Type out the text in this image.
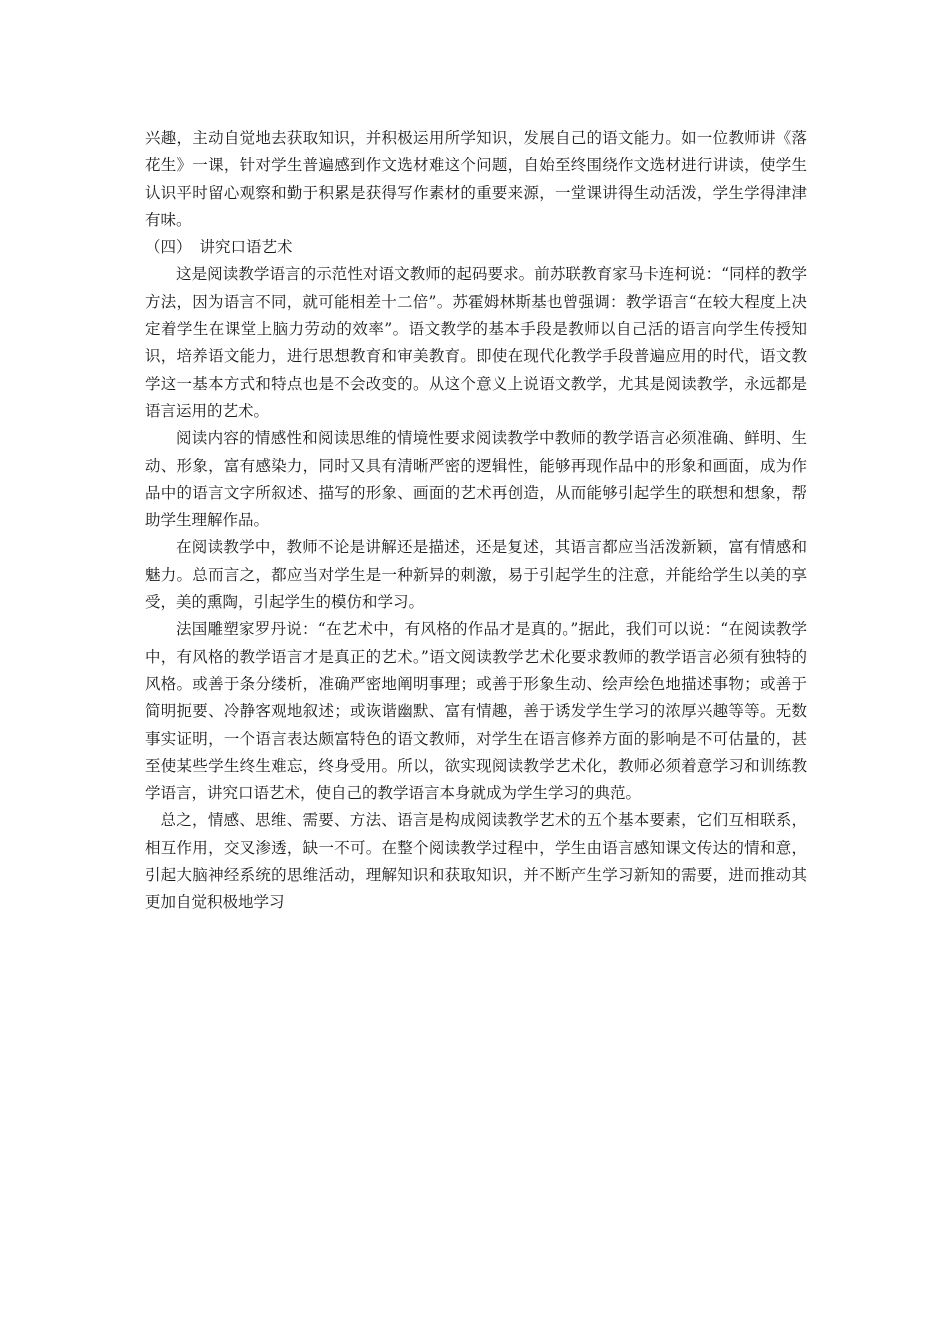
兴趣，主动自觉地去获取知识，并积极运用所学知识，发展自己的语文能力。如一位教师讲《落花生》一课，针对学生普遍感到作文选材难这个问题，自始至终围绕作文选材进行讲读，使学生认识平时留心观察和勤于积累是获得写作素材的重要来源，一堂课讲得生动活泼，学生学得津津有味。

（四） 讲究口语艺术

这是阅读教学语言的示范性对语文教师的起码要求。前苏联教育家马卡连柯说：“同样的教学方法，因为语言不同，就可能相差十二倍”。苏霍姆林斯基也曾强调：教学语言“在较大程度上决定着学生在课堂上脑力劳动的效率”。语文教学的基本手段是教师以自己活的语言向学生传授知识，培养语文能力，进行思想教育和审美教育。即使在现代化教学手段普遍应用的时代，语文教学这一基本方式和特点也是不会改变的。从这个意义上说语文教学，尤其是阅读教学，永远都是语言运用的艺术。

阅读内容的情感性和阅读思维的情境性要求阅读教学中教师的教学语言必须准确、鲜明、生动、形象，富有感染力，同时又具有清晰严密的逻辑性，能够再现作品中的形象和画面，成为作品中的语言文字所叙述、描写的形象、画面的艺术再创造，从而能够引起学生的联想和想象，帮助学生理解作品。

在阅读教学中，教师不论是讲解还是描述，还是复述，其语言都应当活泼新颖，富有情感和魅力。总而言之，都应当对学生是一种新异的刺激，易于引起学生的注意，并能给学生以美的享受，美的熏陶，引起学生的模仿和学习。

法国雕塑家罗丹说：“在艺术中，有风格的作品才是真的。”据此，我们可以说：“在阅读教学中，有风格的教学语言才是真正的艺术。”语文阅读教学艺术化要求教师的教学语言必须有独特的风格。或善于条分缕析，准确严密地阐明事理；或善于形象生动、绘声绘色地描述事物；或善于简明扼要、冷静客观地叙述；或诙谐幽默、富有情趣，善于诱发学生学习的浓厚兴趣等等。无数事实证明，一个语言表达颇富特色的语文教师，对学生在语言修养方面的影响是不可估量的，甚至使某些学生终生难忘，终身受用。所以，欲实现阅读教学艺术化，教师必须着意学习和训练教学语言，讲究口语艺术，使自己的教学语言本身就成为学生学习的典范。

总之，情感、思维、需要、方法、语言是构成阅读教学艺术的五个基本要素，它们互相联系，相互作用，交叉渗透，缺一不可。在整个阅读教学过程中，学生由语言感知课文传达的情和意，引起大脑神经系统的思维活动，理解知识和获取知识，并不断产生学习新知的需要，进而推动其更加自觉积极地学习
